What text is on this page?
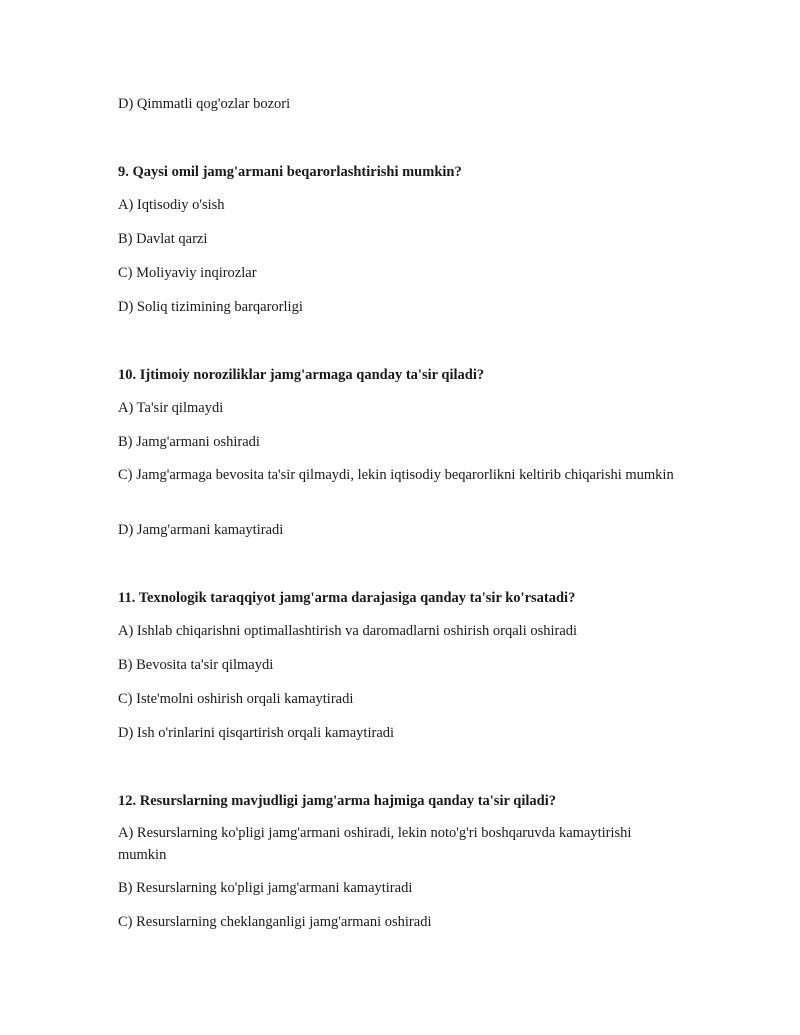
D) Qimmatli qog'ozlar bozori
9. Qaysi omil jamg'armani beqarorlashtirishi mumkin?
A) Iqtisodiy o'sish
B) Davlat qarzi
C) Moliyaviy inqirozlar
D) Soliq tizimining barqarorligi
10. Ijtimoiy noroziliklar jamg'armaga qanday ta'sir qiladi?
A) Ta'sir qilmaydi
B) Jamg'armani oshiradi
C) Jamg'armaga bevosita ta'sir qilmaydi, lekin iqtisodiy beqarorlikni keltirib chiqarishi mumkin
D) Jamg'armani kamaytiradi
11. Texnologik taraqqiyot jamg'arma darajasiga qanday ta'sir ko'rsatadi?
A) Ishlab chiqarishni optimallashtirish va daromadlarni oshirish orqali oshiradi
B) Bevosita ta'sir qilmaydi
C) Iste'molni oshirish orqali kamaytiradi
D) Ish o'rinlarini qisqartirish orqali kamaytiradi
12. Resurslarning mavjudligi jamg'arma hajmiga qanday ta'sir qiladi?
A) Resurslarning ko'pligi jamg'armani oshiradi, lekin noto'g'ri boshqaruvda kamaytirishi mumkin
B) Resurslarning ko'pligi jamg'armani kamaytiradi
C) Resurslarning cheklanganligi jamg'armani oshiradi
